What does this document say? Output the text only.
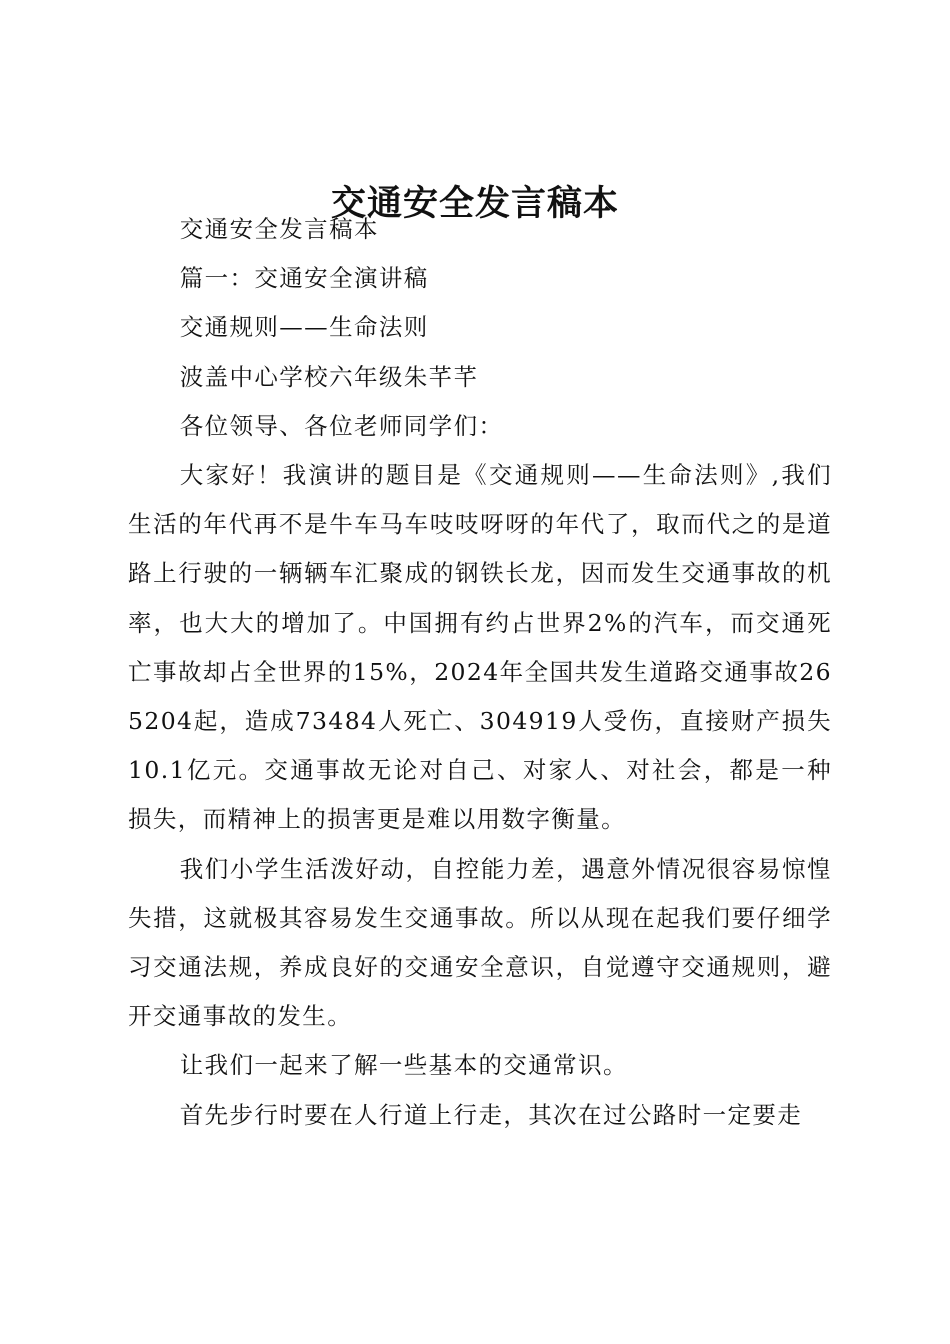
交通安全发言稿本

交通安全发言稿本

篇一：交通安全演讲稿

交通规则——生命法则

波盖中心学校六年级朱芊芊

各位领导、各位老师同学们：

大家好！我演讲的题目是《交通规则——生命法则》,我们生活的年代再不是牛车马车吱吱呀呀的年代了，取而代之的是道路上行驶的一辆辆车汇聚成的钢铁长龙，因而发生交通事故的机率，也大大的增加了。中国拥有约占世界2%的汽车，而交通死亡事故却占全世界的15%，2024年全国共发生道路交通事故265204起，造成73484人死亡、304919人受伤，直接财产损失10.1亿元。交通事故无论对自己、对家人、对社会，都是一种损失，而精神上的损害更是难以用数字衡量。

我们小学生活泼好动，自控能力差，遇意外情况很容易惊惶失措，这就极其容易发生交通事故。所以从现在起我们要仔细学习交通法规，养成良好的交通安全意识，自觉遵守交通规则，避开交通事故的发生。

让我们一起来了解一些基本的交通常识。

首先步行时要在人行道上行走，其次在过公路时一定要走
